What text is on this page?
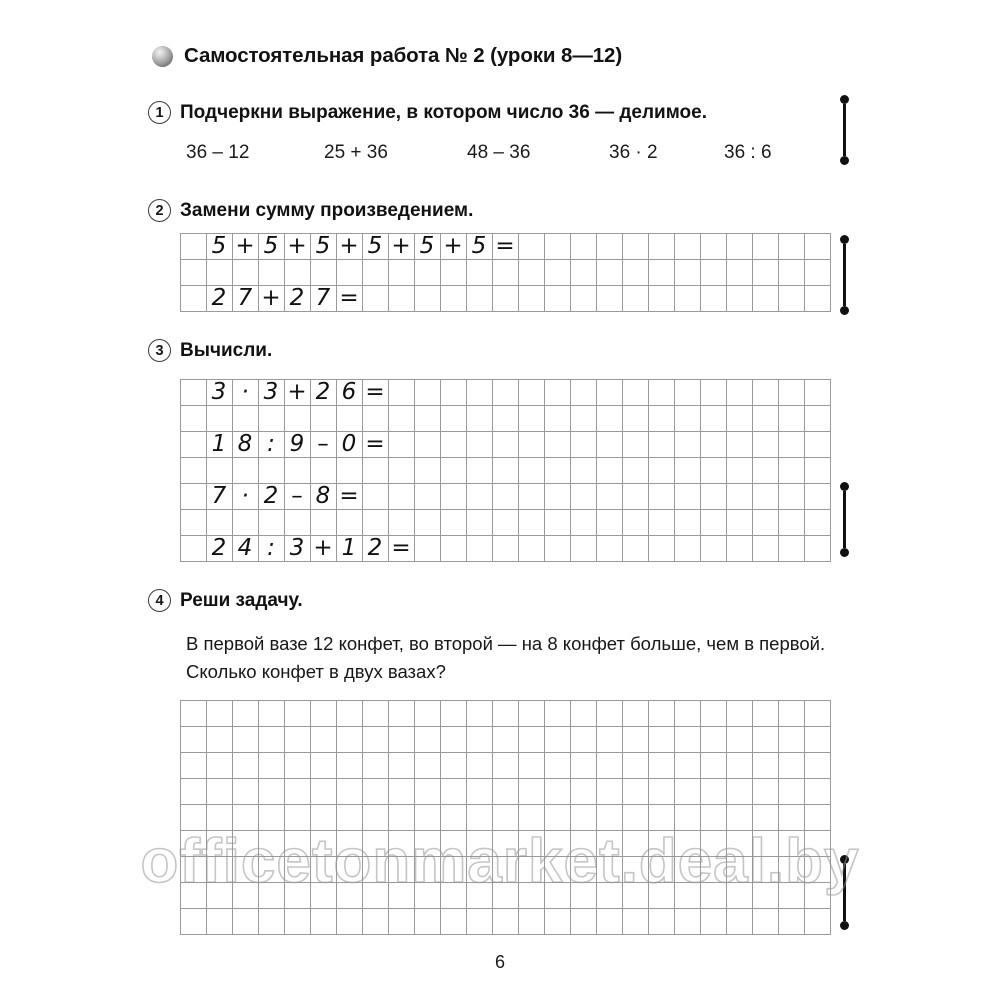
Самостоятельная работа № 2 (уроки 8—12)
1 Подчеркни выражение, в котором число 36 — делимое.
36 – 12	25 + 36	48 – 36	36 · 2	36 : 6
2 Замени сумму произведением.
5 + 5 + 5 + 5 + 5 + 5 =
2 7 + 2 7 =
3 Вычисли.
3 · 3 + 2 6 =
1 8 : 9 – 0 =
7 · 2 – 8 =
2 4 : 3 + 1 2 =
4 Реши задачу.
В первой вазе 12 конфет, во второй — на 8 конфет больше, чем в первой. Сколько конфет в двух вазах?
6
